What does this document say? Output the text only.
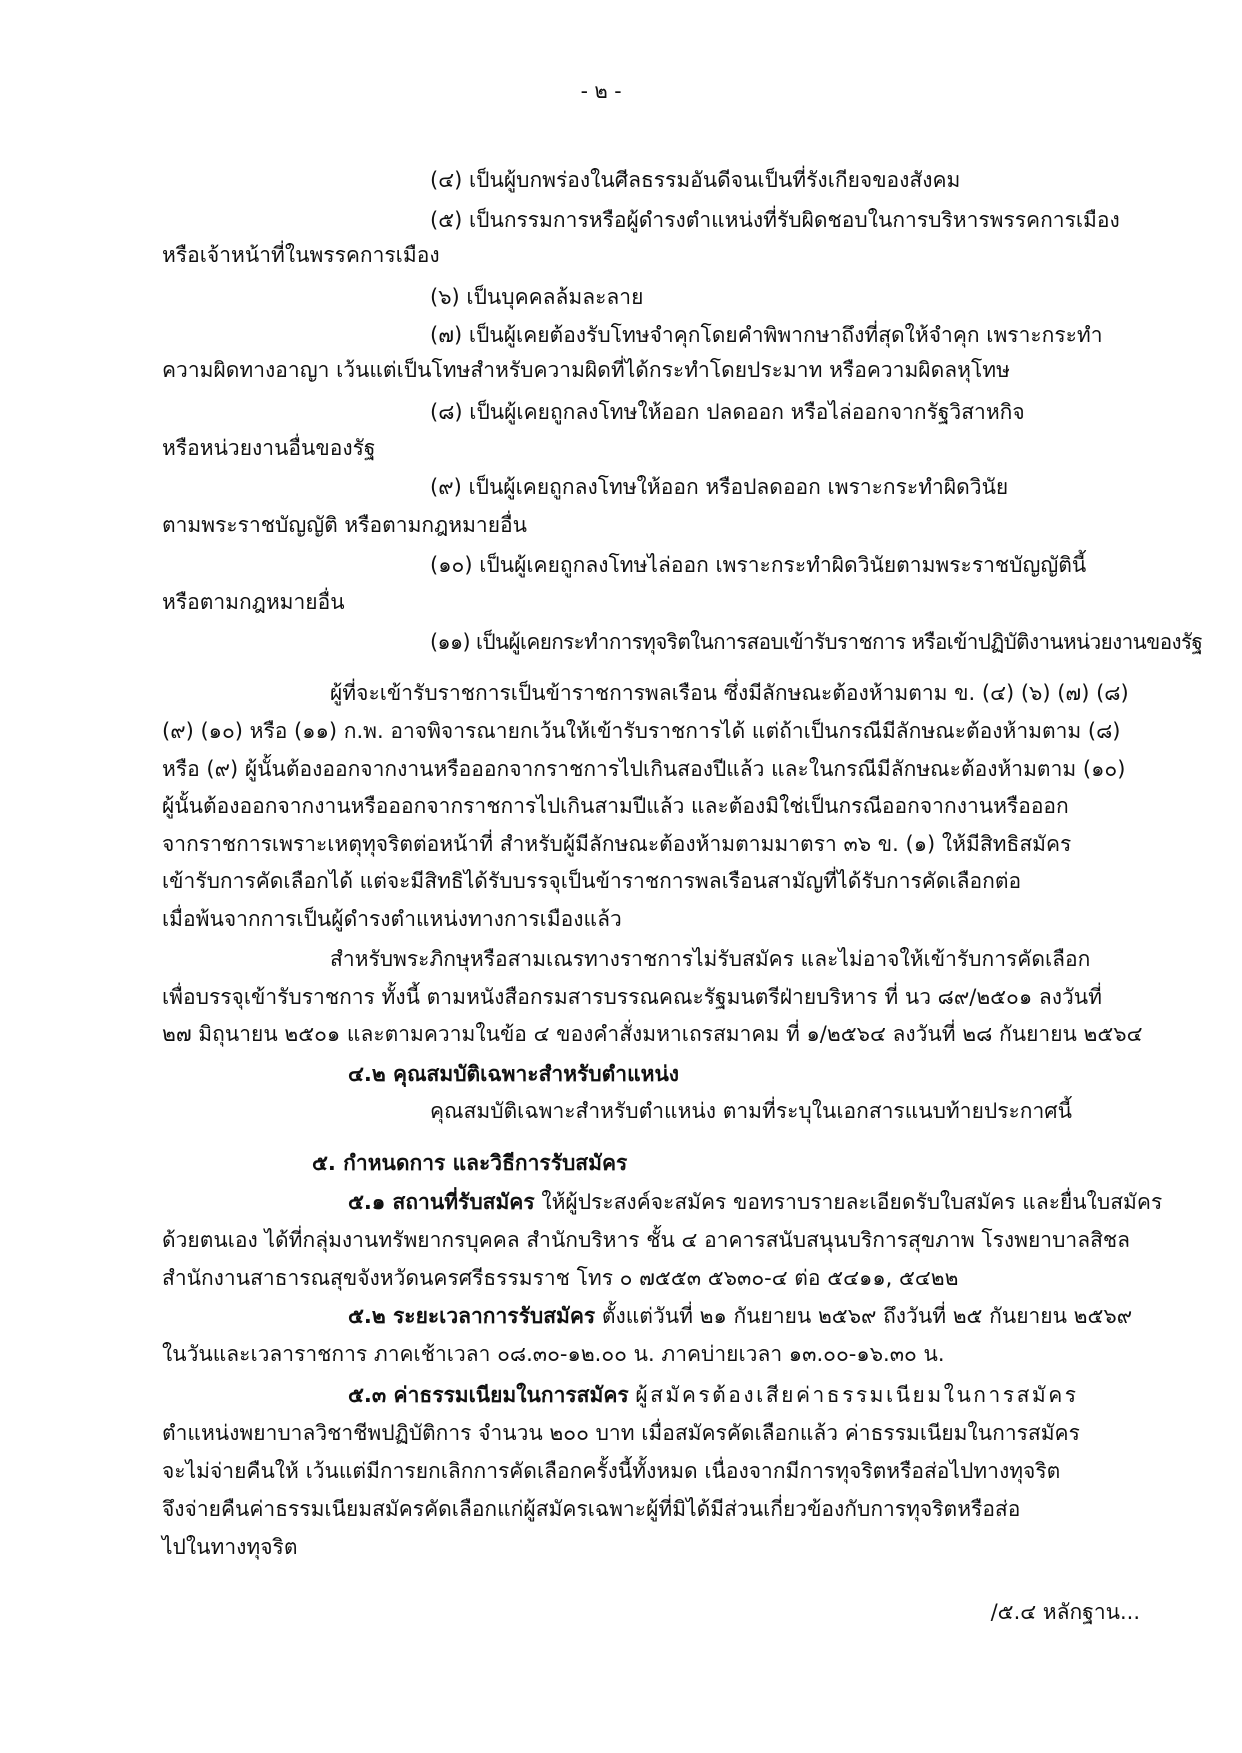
- ๒ -
(๔) เป็นผู้บกพร่องในศีลธรรมอันดีจนเป็นที่รังเกียจของสังคม
(๕) เป็นกรรมการหรือผู้ดำรงตำแหน่งที่รับผิดชอบในการบริหารพรรคการเมือง
หรือเจ้าหน้าที่ในพรรคการเมือง
(๖) เป็นบุคคลล้มละลาย
(๗) เป็นผู้เคยต้องรับโทษจำคุกโดยคำพิพากษาถึงที่สุดให้จำคุก เพราะกระทำ
ความผิดทางอาญา เว้นแต่เป็นโทษสำหรับความผิดที่ได้กระทำโดยประมาท หรือความผิดลหุโทษ
(๘) เป็นผู้เคยถูกลงโทษให้ออก ปลดออก หรือไล่ออกจากรัฐวิสาหกิจ
หรือหน่วยงานอื่นของรัฐ
(๙) เป็นผู้เคยถูกลงโทษให้ออก หรือปลดออก เพราะกระทำผิดวินัย
ตามพระราชบัญญัติ หรือตามกฎหมายอื่น
(๑๐) เป็นผู้เคยถูกลงโทษไล่ออก เพราะกระทำผิดวินัยตามพระราชบัญญัตินี้
หรือตามกฎหมายอื่น
(๑๑) เป็นผู้เคยกระทำการทุจริตในการสอบเข้ารับราชการ หรือเข้าปฏิบัติงานหน่วยงานของรัฐ
ผู้ที่จะเข้ารับราชการเป็นข้าราชการพลเรือน ซึ่งมีลักษณะต้องห้ามตาม ข. (๔) (๖) (๗) (๘)
(๙) (๑๐) หรือ (๑๑) ก.พ. อาจพิจารณายกเว้นให้เข้ารับราชการได้ แต่ถ้าเป็นกรณีมีลักษณะต้องห้ามตาม (๘)
หรือ (๙) ผู้นั้นต้องออกจากงานหรือออกจากราชการไปเกินสองปีแล้ว และในกรณีมีลักษณะต้องห้ามตาม (๑๐)
ผู้นั้นต้องออกจากงานหรือออกจากราชการไปเกินสามปีแล้ว และต้องมิใช่เป็นกรณีออกจากงานหรือออก
จากราชการเพราะเหตุทุจริตต่อหน้าที่ สำหรับผู้มีลักษณะต้องห้ามตามมาตรา ๓๖ ข. (๑) ให้มีสิทธิสมัคร
เข้ารับการคัดเลือกได้ แต่จะมีสิทธิได้รับบรรจุเป็นข้าราชการพลเรือนสามัญที่ได้รับการคัดเลือกต่อ
เมื่อพ้นจากการเป็นผู้ดำรงตำแหน่งทางการเมืองแล้ว
สำหรับพระภิกษุหรือสามเณรทางราชการไม่รับสมัคร และไม่อาจให้เข้ารับการคัดเลือก
เพื่อบรรจุเข้ารับราชการ ทั้งนี้ ตามหนังสือกรมสารบรรณคณะรัฐมนตรีฝ่ายบริหาร ที่ นว ๘๙/๒๕๐๑ ลงวันที่
๒๗ มิถุนายน ๒๕๐๑ และตามความในข้อ ๔ ของคำสั่งมหาเถรสมาคม ที่ ๑/๒๕๖๔ ลงวันที่ ๒๘ กันยายน ๒๕๖๔
๔.๒ คุณสมบัติเฉพาะสำหรับตำแหน่ง
คุณสมบัติเฉพาะสำหรับตำแหน่ง ตามที่ระบุในเอกสารแนบท้ายประกาศนี้
๕. กำหนดการ และวิธีการรับสมัคร
๕.๑ สถานที่รับสมัคร ให้ผู้ประสงค์จะสมัคร ขอทราบรายละเอียดรับใบสมัคร และยื่นใบสมัคร
ด้วยตนเอง ได้ที่กลุ่มงานทรัพยากรบุคคล สำนักบริหาร ชั้น ๔ อาคารสนับสนุนบริการสุขภาพ โรงพยาบาลสิชล
สำนักงานสาธารณสุขจังหวัดนครศรีธรรมราช โทร ๐ ๗๕๕๓ ๕๖๓๐-๔ ต่อ ๕๔๑๑, ๕๔๒๒
๕.๒ ระยะเวลาการรับสมัคร ตั้งแต่วันที่ ๒๑ กันยายน ๒๕๖๙ ถึงวันที่ ๒๕ กันยายน ๒๕๖๙
ในวันและเวลาราชการ ภาคเช้าเวลา ๐๘.๓๐-๑๒.๐๐ น. ภาคบ่ายเวลา ๑๓.๐๐-๑๖.๓๐ น.
๕.๓ ค่าธรรมเนียมในการสมัคร ผู้สมัครต้องเสียค่าธรรมเนียมในการสมัคร
ตำแหน่งพยาบาลวิชาชีพปฏิบัติการ จำนวน ๒๐๐ บาท เมื่อสมัครคัดเลือกแล้ว ค่าธรรมเนียมในการสมัคร
จะไม่จ่ายคืนให้ เว้นแต่มีการยกเลิกการคัดเลือกครั้งนี้ทั้งหมด เนื่องจากมีการทุจริตหรือส่อไปทางทุจริต
จึงจ่ายคืนค่าธรรมเนียมสมัครคัดเลือกแก่ผู้สมัครเฉพาะผู้ที่มิได้มีส่วนเกี่ยวข้องกับการทุจริตหรือส่อ
ไปในทางทุจริต
/๕.๔ หลักฐาน...
